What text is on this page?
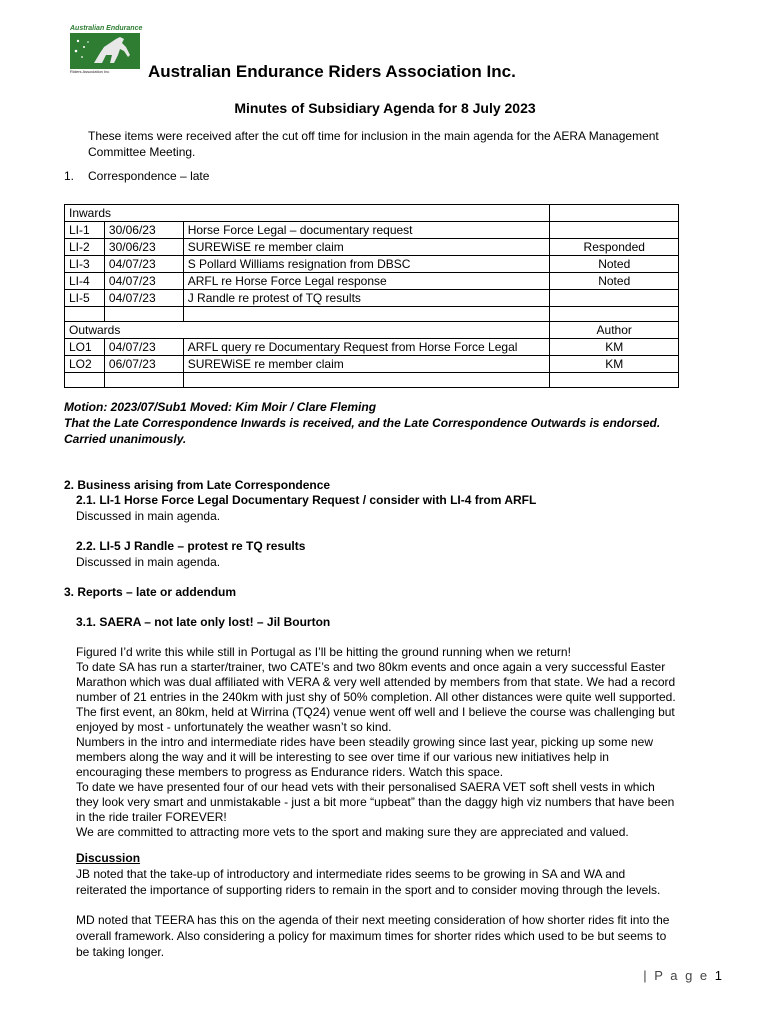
Australian Endurance
Riders Association Inc Australian Endurance Riders Association Inc.
Minutes of Subsidiary Agenda for 8 July 2023
These items were received after the cut off time for inclusion in the main agenda for the AERA Management
Committee Meeting.
1. Correspondence – late
Inwards			
LI-1	30/06/23	Horse Force Legal – documentary request	
LI-2	30/06/23	SUREWiSE re member claim	Responded
LI-3	04/07/23	S Pollard Williams resignation from DBSC	Noted
LI-4	04/07/23	ARFL re Horse Force Legal response	Noted
LI-5	04/07/23	J Randle re protest of TQ results	

Outwards			Author
LO1	04/07/23	ARFL query re Documentary Request from Horse Force Legal	KM
LO2	06/07/23	SUREWiSE re member claim	KM

Motion: 2023/07/Sub1 Moved: Kim Moir / Clare Fleming
That the Late Correspondence Inwards is received, and the Late Correspondence Outwards is endorsed.
Carried unanimously.
2. Business arising from Late Correspondence
2.1. LI-1 Horse Force Legal Documentary Request / consider with LI-4 from ARFL
Discussed in main agenda.
2.2. LI-5 J Randle – protest re TQ results
Discussed in main agenda.
3. Reports – late or addendum
3.1. SAERA – not late only lost! – Jil Bourton
Figured I’d write this while still in Portugal as I’ll be hitting the ground running when we return!
To date SA has run a starter/trainer, two CATE’s and two 80km events and once again a very successful Easter
Marathon which was dual affiliated with VERA & very well attended by members from that state. We had a record
number of 21 entries in the 240km with just shy of 50% completion. All other distances were quite well supported.
The first event, an 80km, held at Wirrina (TQ24) venue went off well and I believe the course was challenging but
enjoyed by most - unfortunately the weather wasn’t so kind.
Numbers in the intro and intermediate rides have been steadily growing since last year, picking up some new
members along the way and it will be interesting to see over time if our various new initiatives help in
encouraging these members to progress as Endurance riders. Watch this space.
To date we have presented four of our head vets with their personalised SAERA VET soft shell vests in which
they look very smart and unmistakable - just a bit more “upbeat” than the daggy high viz numbers that have been
in the ride trailer FOREVER!
We are committed to attracting more vets to the sport and making sure they are appreciated and valued.
Discussion
JB noted that the take-up of introductory and intermediate rides seems to be growing in SA and WA and
reiterated the importance of supporting riders to remain in the sport and to consider moving through the levels.
MD noted that TEERA has this on the agenda of their next meeting consideration of how shorter rides fit into the
overall framework. Also considering a policy for maximum times for shorter rides which used to be but seems to
be taking longer.
| P a g e 1
